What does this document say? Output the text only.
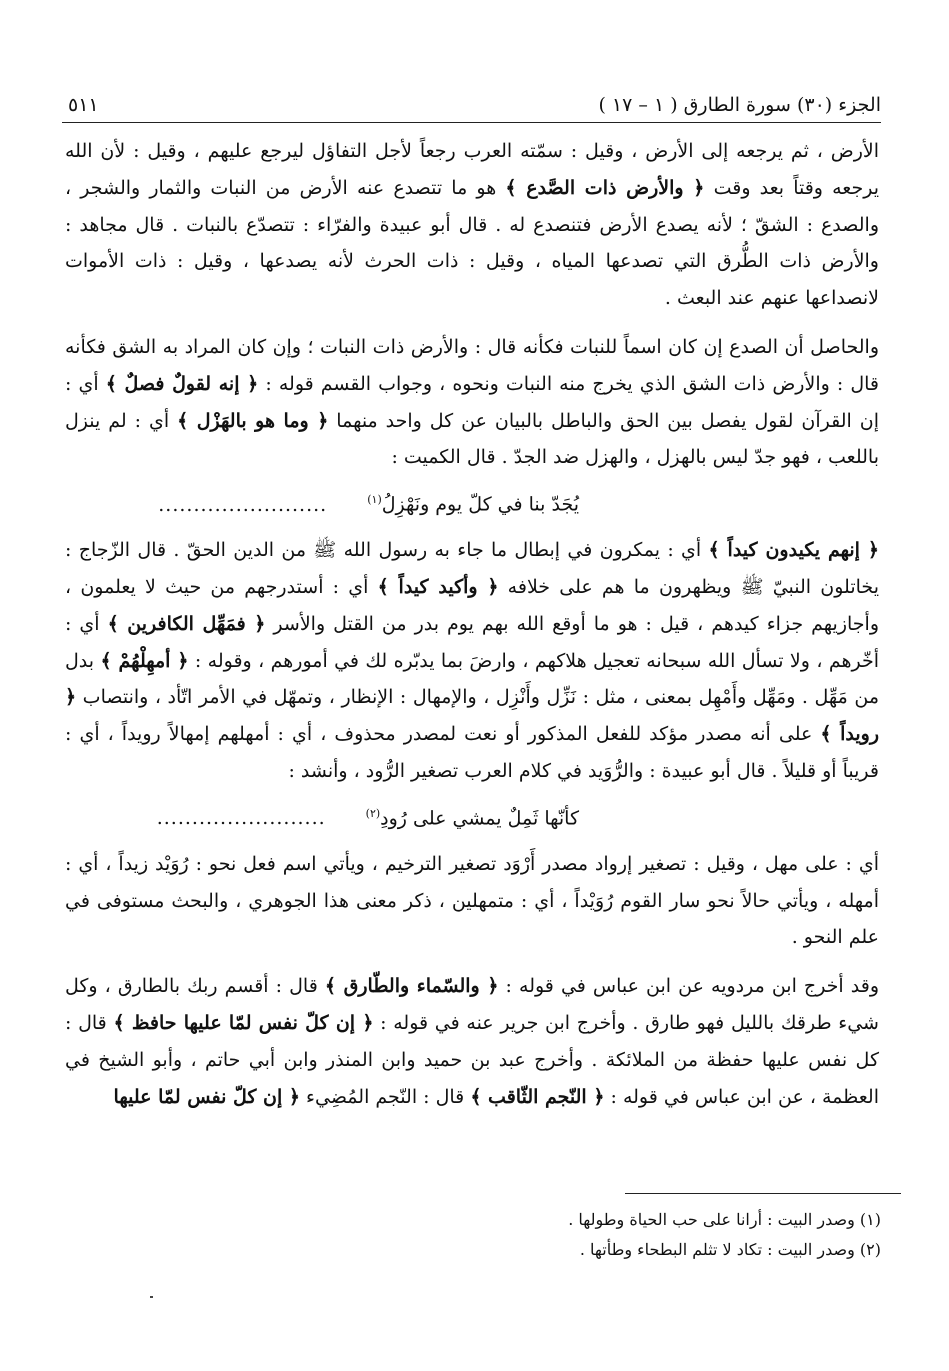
الجزء (٣٠) سورة الطارق ( ١ – ١٧ )
٥١١

الأرض ، ثم يرجعه إلى الأرض ، وقيل : سمّته العرب رجعاً لأجل التفاؤل ليرجع عليهم ، وقيل : لأن الله يرجعه وقتاً بعد وقت ﴿ والأرض ذات الصَّدع ﴾ هو ما تتصدع عنه الأرض من النبات والثمار والشجر ، والصدع : الشقّ ؛ لأنه يصدع الأرض فتنصدع له . قال أبو عبيدة والفرّاء : تتصدّع بالنبات . قال مجاهد : والأرض ذات الطُّرق التي تصدعها المياه ، وقيل : ذات الحرث لأنه يصدعها ، وقيل : ذات الأموات لانصداعها عنهم عند البعث .

والحاصل أن الصدع إن كان اسماً للنبات فكأنه قال : والأرض ذات النبات ؛ وإن كان المراد به الشق فكأنه قال : والأرض ذات الشق الذي يخرج منه النبات ونحوه ، وجواب القسم قوله : ﴿ إنه لقولٌ فصلٌ ﴾ أي : إن القرآن لقول يفصل بين الحق والباطل بالبيان عن كل واحد منهما ﴿ وما هو بالهَزْل ﴾ أي : لم ينزل باللعب ، فهو جدّ ليس بالهزل ، والهزل ضد الجدّ . قال الكميت :

يُجَدّ بنا في كلّ يوم ونَهْزِلُ$^{(١)}$
........................

﴿ إنهم يكيدون كيداً ﴾ أي : يمكرون في إبطال ما جاء به رسول الله ﷺ من الدين الحقّ . قال الزّجاج : يخاتلون النبيّ ﷺ ويظهرون ما هم على خلافه ﴿ وأكيد كيداً ﴾ أي : أستدرجهم من حيث لا يعلمون ، وأجازيهم جزاء كيدهم ، قيل : هو ما أوقع الله بهم يوم بدر من القتل والأسر ﴿ فمَهِّل الكافرين ﴾ أي : أخّرهم ، ولا تسأل الله سبحانه تعجيل هلاكهم ، وارضَ بما يدبّره لك في أمورهم ، وقوله : ﴿ أمهِلْهُمْ ﴾ بدل من مَهِّل . ومَهِّل وأَمْهِل بمعنى ، مثل : نَزِّل وأَنْزِل ، والإمهال : الإنظار ، وتمهّل في الأمر اتّأد ، وانتصاب ﴿ رويداً ﴾ على أنه مصدر مؤكد للفعل المذكور أو نعت لمصدر محذوف ، أي : أمهلهم إمهالاً رويداً ، أي : قريباً أو قليلاً . قال أبو عبيدة : والرُّوَيد في كلام العرب تصغير الرُّود ، وأنشد :

كأنّها ثَمِلٌ يمشي على رُودِ$^{(٢)}$
........................

أي : على مهل ، وقيل : تصغير إرواد مصدر أَرْوَد تصغير الترخيم ، ويأتي اسم فعل نحو : رُوَيْد زيداً ، أي : أمهله ، ويأتي حالاً نحو سار القوم رُوَيْداً ، أي : متمهلين ، ذكر معنى هذا الجوهري ، والبحث مستوفى في علم النحو .

وقد أخرج ابن مردويه عن ابن عباس في قوله : ﴿ والسّماء والطّارق ﴾ قال : أقسم ربك بالطارق ، وكل شيء طرقك بالليل فهو طارق . وأخرج ابن جرير عنه في قوله : ﴿ إن كلّ نفس لمّا عليها حافظ ﴾ قال : كل نفس عليها حفظة من الملائكة . وأخرج عبد بن حميد وابن المنذر وابن أبي حاتم ، وأبو الشيخ في العظمة ، عن ابن عباس في قوله : ﴿ النّجم الثّاقب ﴾ قال : النّجم المُضِيء ﴿ إن كلّ نفس لمّا عليها

(١) وصدر البيت : أرانا على حب الحياة وطولها .

(٢) وصدر البيت : تكاد لا تثلم البطحاء وطأتها .
